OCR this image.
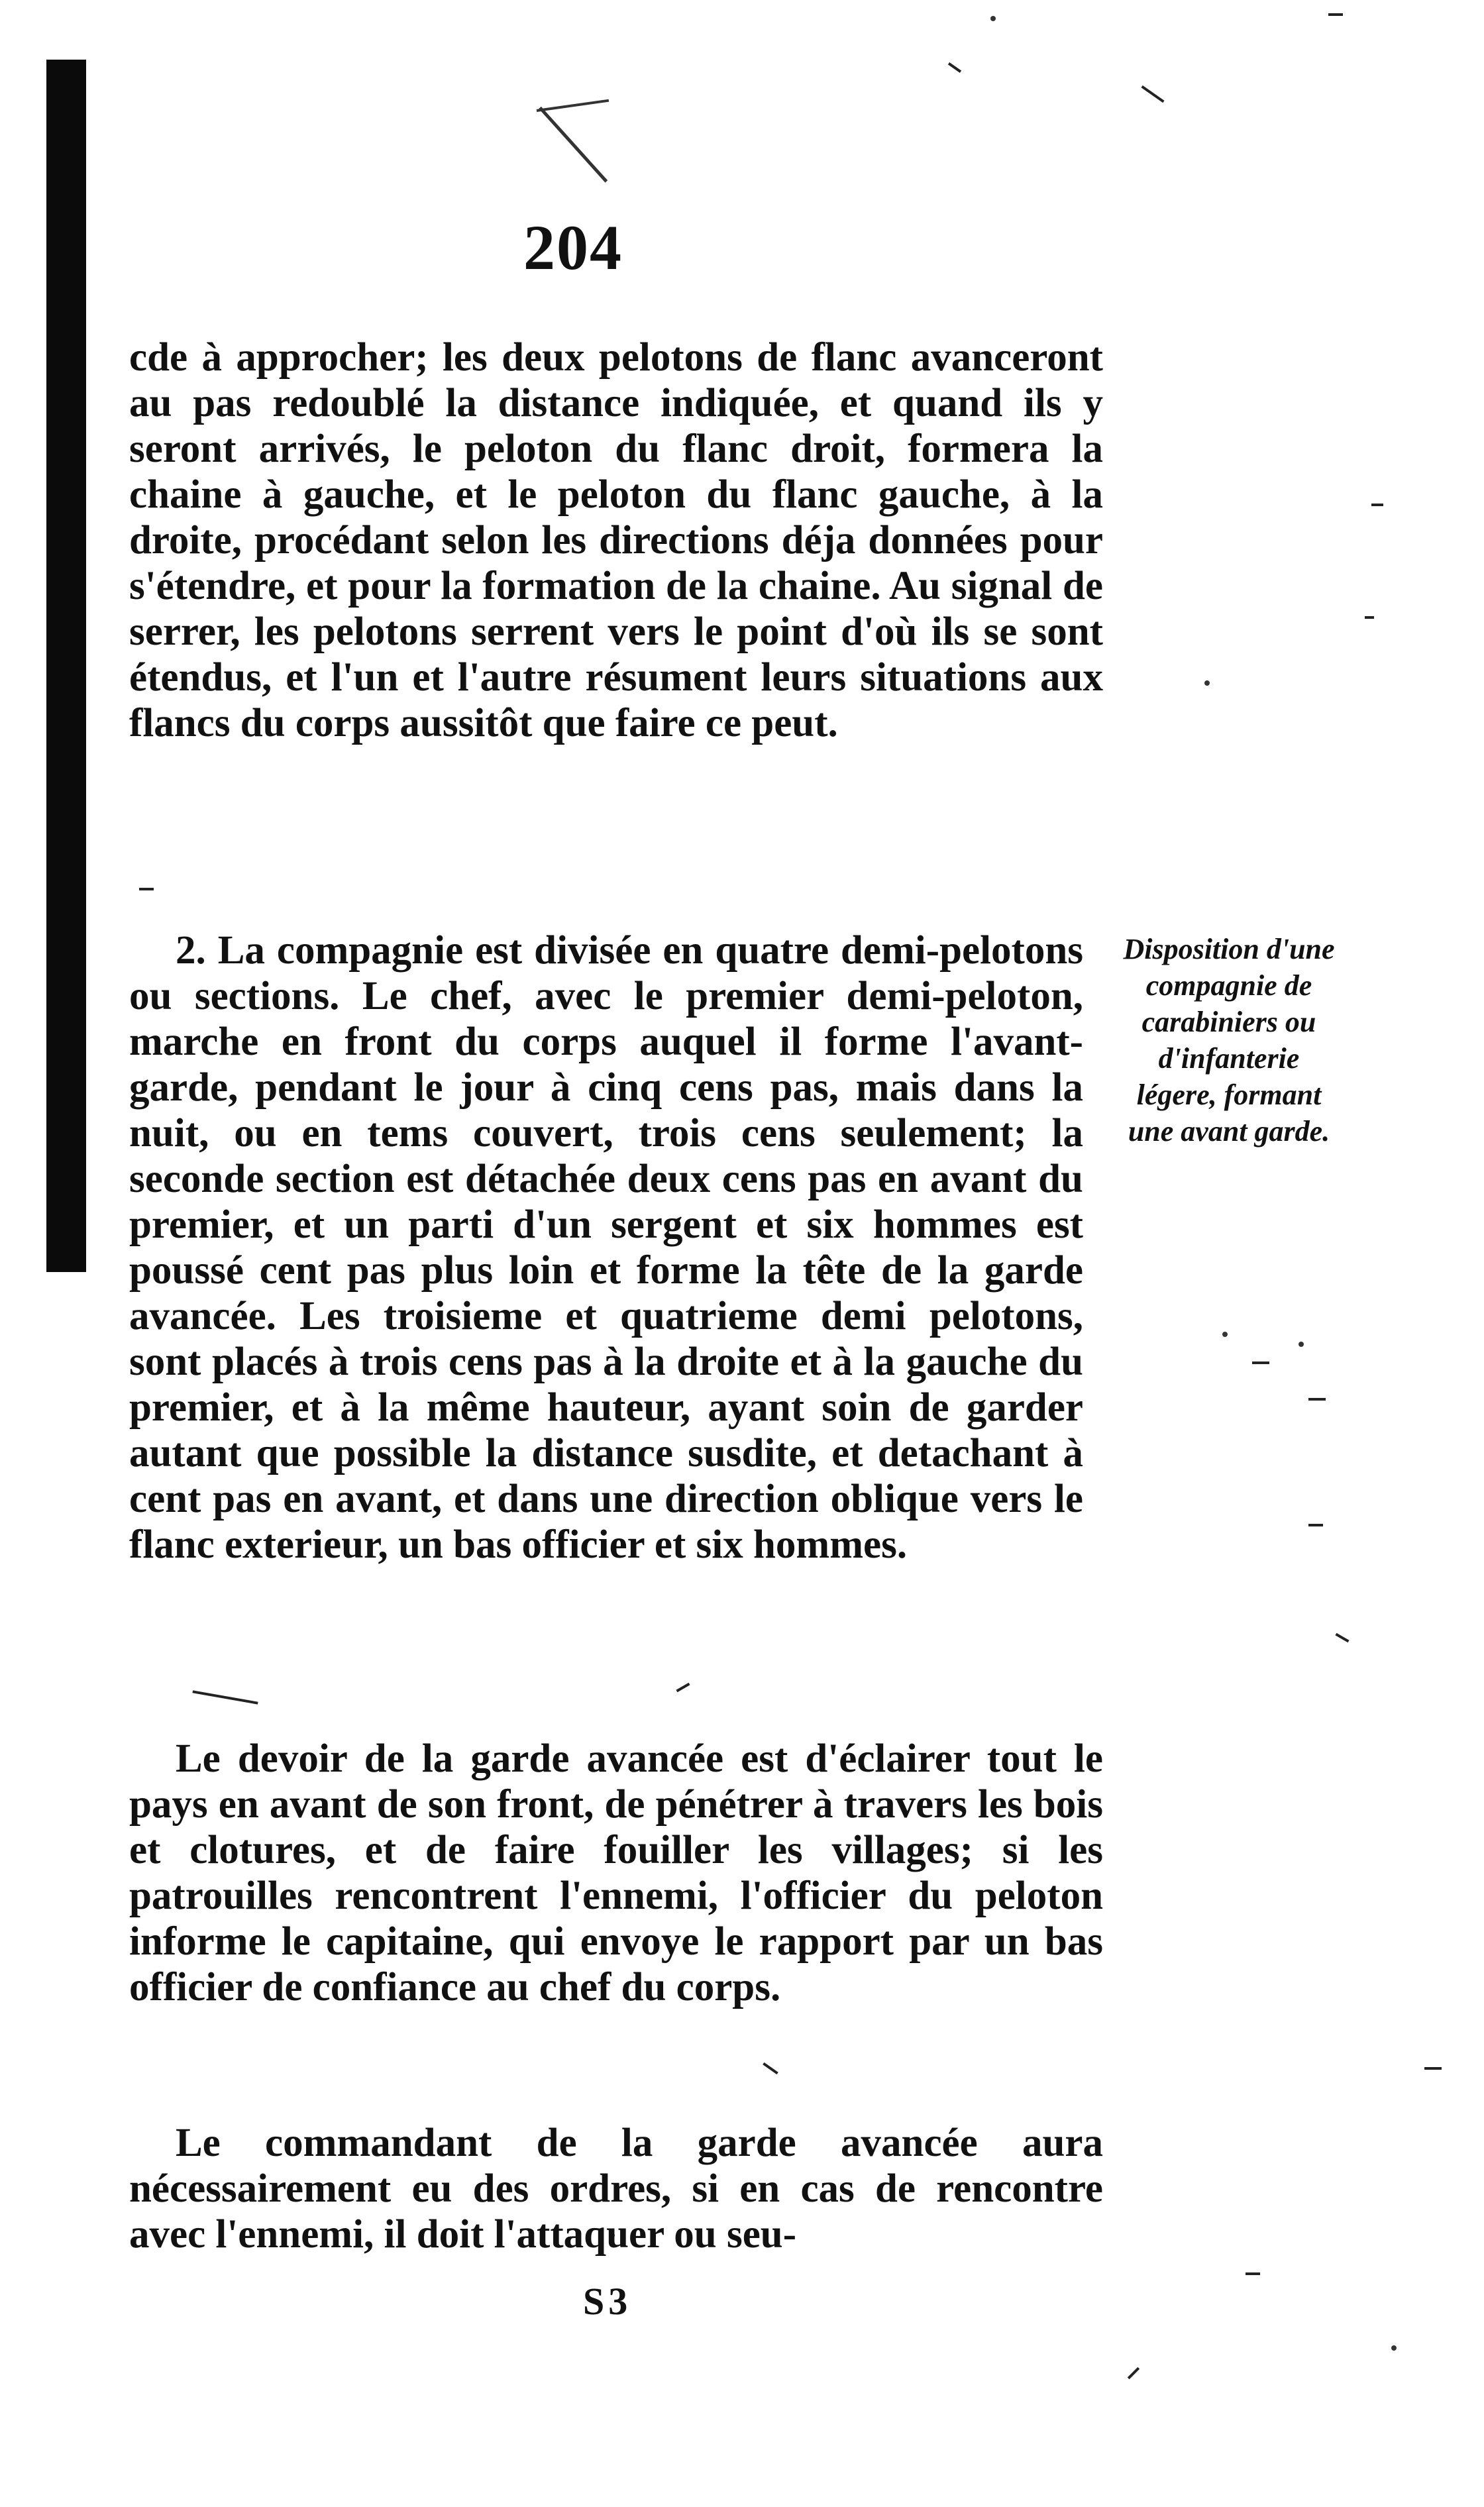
204

cde à approcher; les deux pelotons de flanc avanceront au pas redoublé la distance indiquée, et quand ils y seront arrivés, le peloton du flanc droit, formera la chaine à gauche, et le peloton du flanc gauche, à la droite, procédant selon les directions déja données pour s'étendre, et pour la formation de la chaine. Au signal de serrer, les pelotons serrent vers le point d'où ils se sont étendus, et l'un et l'autre résument leurs situations aux flancs du corps aussitôt que faire ce peut.

2. La compagnie est divisée en quatre demi-pelotons ou sections. Le chef, avec le premier demi-peloton, marche en front du corps auquel il forme l'avant-garde, pendant le jour à cinq cens pas, mais dans la nuit, ou en tems couvert, trois cens seulement; la seconde section est détachée deux cens pas en avant du premier, et un parti d'un sergent et six hommes est poussé cent pas plus loin et forme la tête de la garde avancée. Les troisieme et quatrieme demi pelotons, sont placés à trois cens pas à la droite et à la gauche du premier, et à la même hauteur, ayant soin de garder autant que possible la distance susdite, et detachant à cent pas en avant, et dans une direction oblique vers le flanc exterieur, un bas officier et six hommes.

Disposition d'une compagnie de carabiniers ou d'infanterie légere, formant une avant garde.

Le devoir de la garde avancée est d'éclairer tout le pays en avant de son front, de pénétrer à travers les bois et clotures, et de faire fouiller les villages; si les patrouilles rencontrent l'ennemi, l'officier du peloton informe le capitaine, qui envoye le rapport par un bas officier de confiance au chef du corps.

Le commandant de la garde avancée aura nécessairement eu des ordres, si en cas de rencontre avec l'ennemi, il doit l'attaquer ou seu-

S3
